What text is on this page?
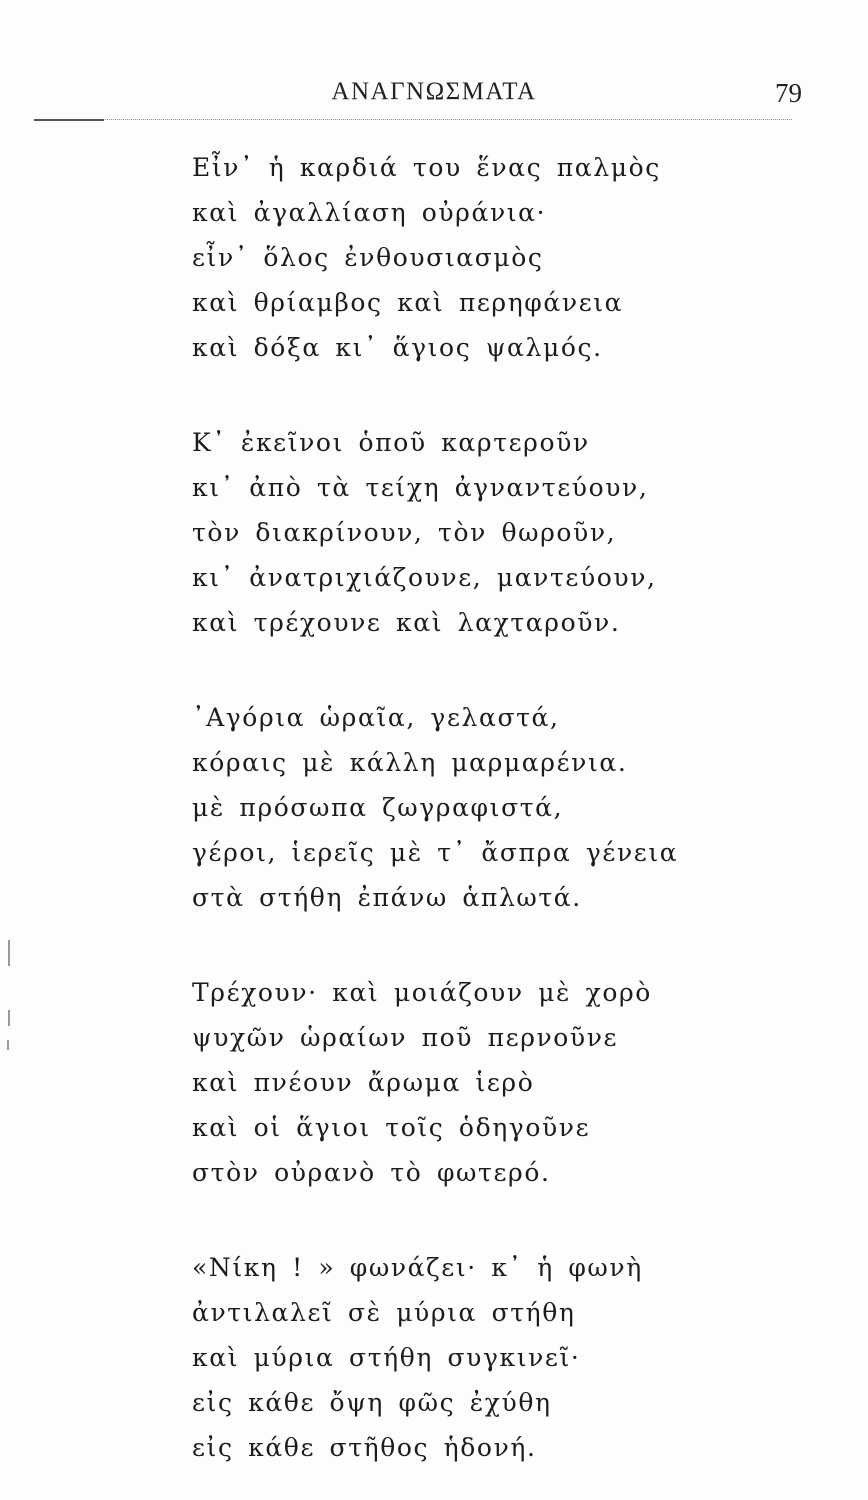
ΑΝΑΓΝΩΣΜΑΤΑ	79
Εἶν᾽ ἡ καρδιά του ἕνας παλμὸς
καὶ ἀγαλλίαση οὐράνια·
εἶν᾽ ὅλος ἐνθουσιασμὸς
καὶ θρίαμβος καὶ περηφάνεια
καὶ δόξα κι᾽ ἅγιος ψαλμός.
Κ᾽ ἐκεῖνοι ὁποῦ καρτεροῦν
κι᾽ ἀπὸ τὰ τείχη ἀγναντεύουν,
τὸν διακρίνουν, τὸν θωροῦν,
κι᾽ ἀνατριχιάζουνε, μαντεύουν,
καὶ τρέχουνε καὶ λαχταροῦν.
᾽Αγόρια ὡραῖα, γελαστά,
κόραις μὲ κάλλη μαρμαρένια.
μὲ πρόσωπα ζωγραφιστά,
γέροι, ἱερεῖς μὲ τ᾽ ἄσπρα γένεια
στὰ στήθη ἐπάνω ἁπλωτά.
Τρέχουν· καὶ μοιάζουν μὲ χορὸ
ψυχῶν ὡραίων ποῦ περνοῦνε
καὶ πνέουν ἄρωμα ἱερὸ
καὶ οἱ ἅγιοι τοῖς ὁδηγοῦνε
στὸν οὐρανὸ τὸ φωτερό.
«Νίκη ! » φωνάζει· κ᾽ ἡ φωνὴ
ἀντιλαλεῖ σὲ μύρια στήθη
καὶ μύρια στήθη συγκινεῖ·
εἰς κάθε ὄψη φῶς ἐχύθη
εἰς κάθε στῆθος ἡδονή.
